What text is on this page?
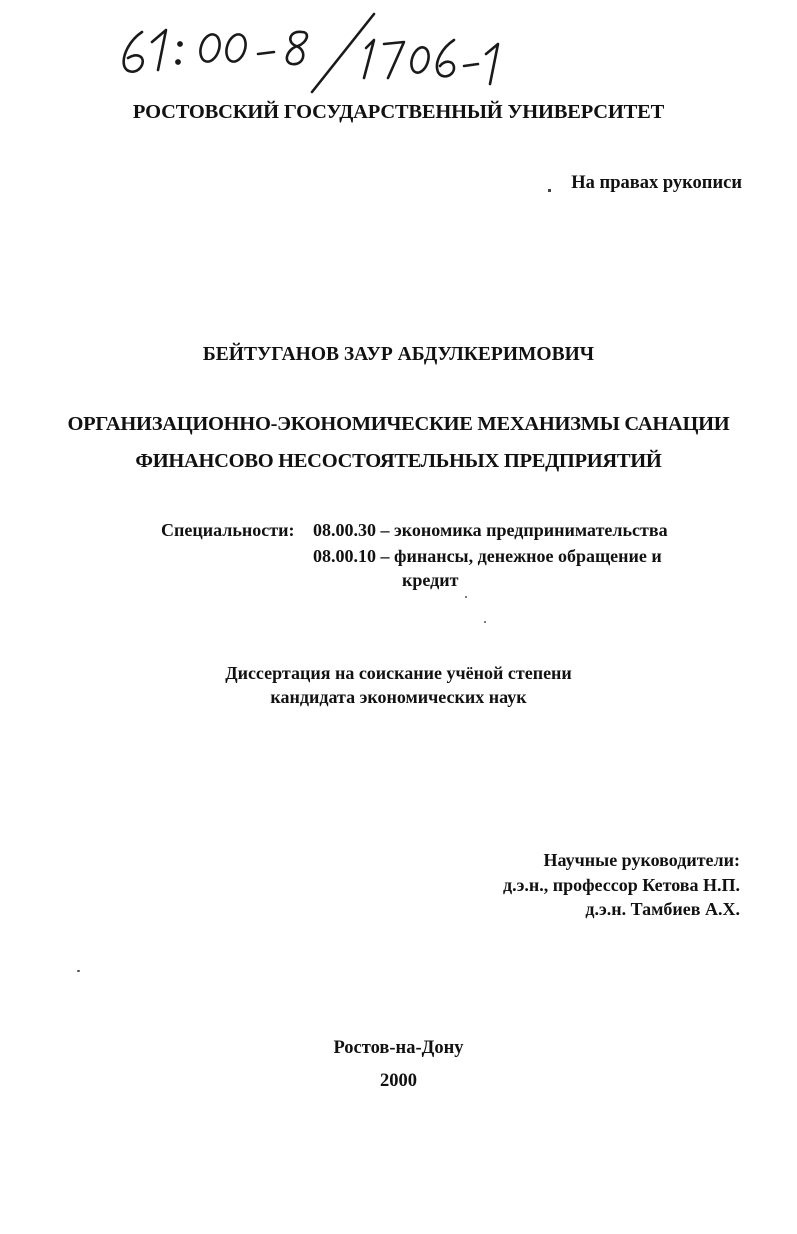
РОСТОВСКИЙ ГОСУДАРСТВЕННЫЙ УНИВЕРСИТЕТ
На правах рукописи
БЕЙТУГАНОВ ЗАУР АБДУЛКЕРИМОВИЧ
ОРГАНИЗАЦИОННО-ЭКОНОМИЧЕСКИЕ МЕХАНИЗМЫ САНАЦИИ
ФИНАНСОВО НЕСОСТОЯТЕЛЬНЫХ ПРЕДПРИЯТИЙ
Специальности: 08.00.30 – экономика предпринимательства
08.00.10 – финансы, денежное обращение и
кредит
Диссертация на соискание учёной степени
кандидата экономических наук
Научные руководители:
д.э.н., профессор Кетова Н.П.
д.э.н. Тамбиев А.Х.
Ростов-на-Дону
2000
